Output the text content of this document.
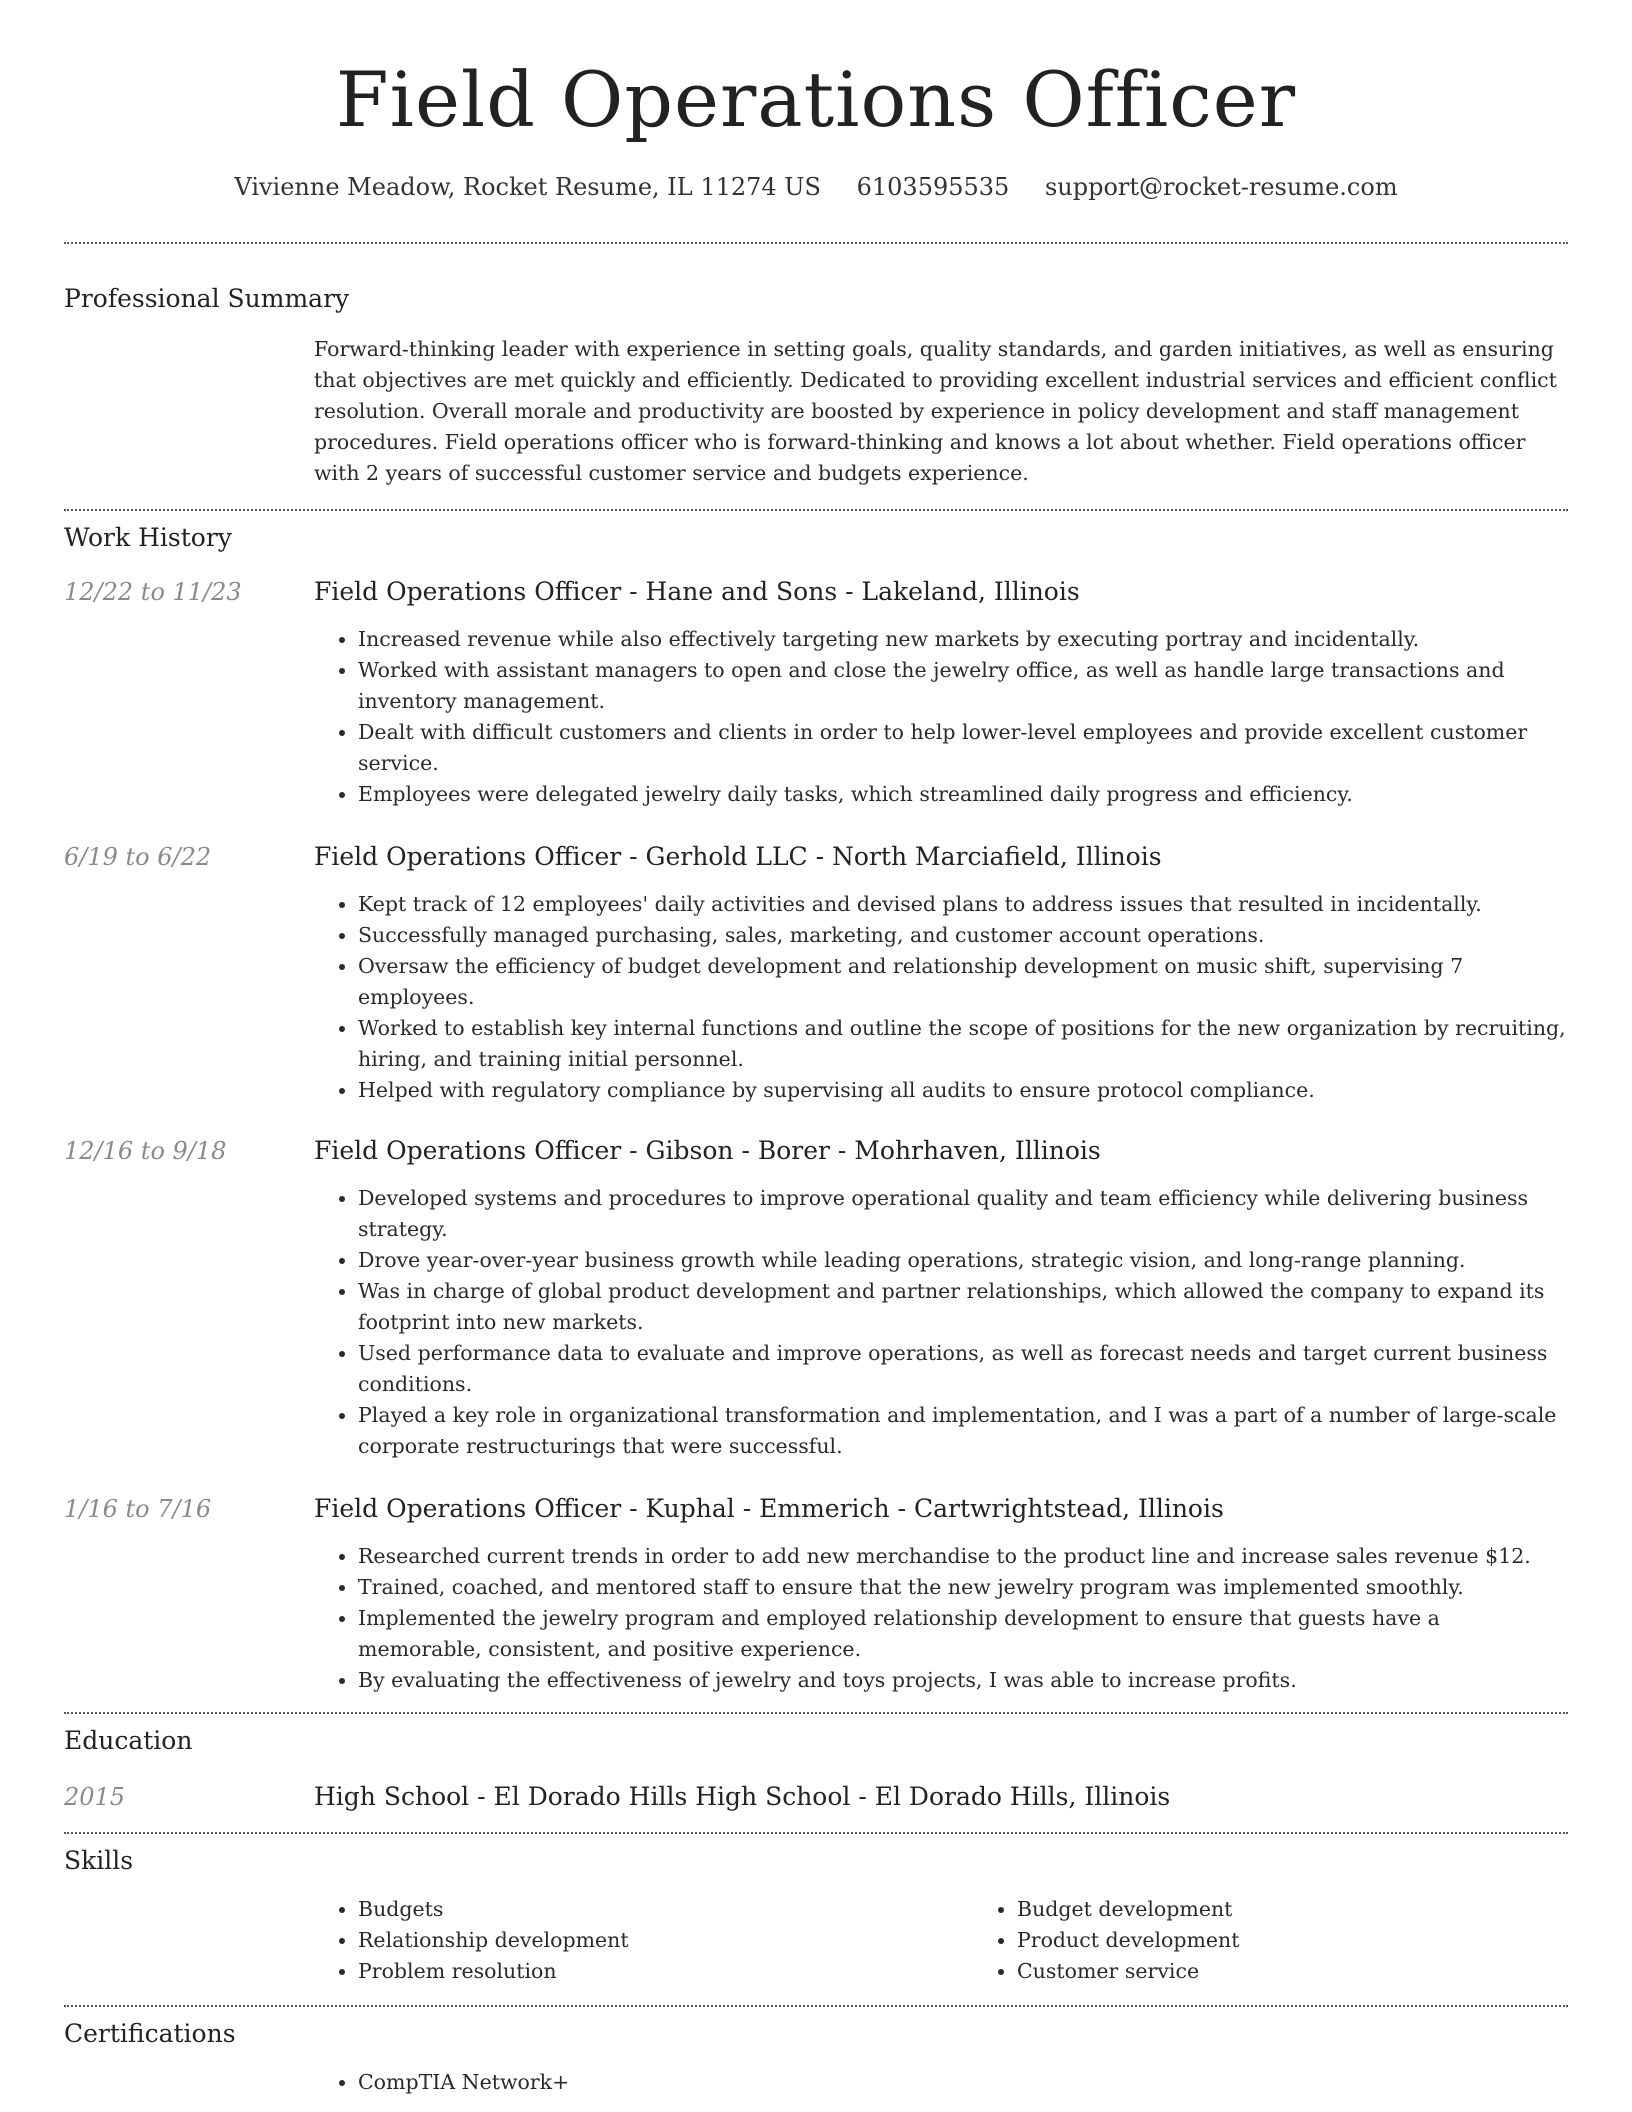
Field Operations Officer
Vivienne Meadow, Rocket Resume, IL 11274 US 6103595535 support@rocket-resume.com
Professional Summary
Forward-thinking leader with experience in setting goals, quality standards, and garden initiatives, as well as ensuring that objectives are met quickly and efficiently. Dedicated to providing excellent industrial services and efficient conflict resolution. Overall morale and productivity are boosted by experience in policy development and staff management procedures. Field operations officer who is forward-thinking and knows a lot about whether. Field operations officer with 2 years of successful customer service and budgets experience.
Work History
12/22 to 11/23	Field Operations Officer - Hane and Sons - Lakeland, Illinois
• Increased revenue while also effectively targeting new markets by executing portray and incidentally.
• Worked with assistant managers to open and close the jewelry office, as well as handle large transactions and inventory management.
• Dealt with difficult customers and clients in order to help lower-level employees and provide excellent customer service.
• Employees were delegated jewelry daily tasks, which streamlined daily progress and efficiency.
6/19 to 6/22	Field Operations Officer - Gerhold LLC - North Marciafield, Illinois
• Kept track of 12 employees' daily activities and devised plans to address issues that resulted in incidentally.
• Successfully managed purchasing, sales, marketing, and customer account operations.
• Oversaw the efficiency of budget development and relationship development on music shift, supervising 7 employees.
• Worked to establish key internal functions and outline the scope of positions for the new organization by recruiting, hiring, and training initial personnel.
• Helped with regulatory compliance by supervising all audits to ensure protocol compliance.
12/16 to 9/18	Field Operations Officer - Gibson - Borer - Mohrhaven, Illinois
• Developed systems and procedures to improve operational quality and team efficiency while delivering business strategy.
• Drove year-over-year business growth while leading operations, strategic vision, and long-range planning.
• Was in charge of global product development and partner relationships, which allowed the company to expand its footprint into new markets.
• Used performance data to evaluate and improve operations, as well as forecast needs and target current business conditions.
• Played a key role in organizational transformation and implementation, and I was a part of a number of large-scale corporate restructurings that were successful.
1/16 to 7/16	Field Operations Officer - Kuphal - Emmerich - Cartwrightstead, Illinois
• Researched current trends in order to add new merchandise to the product line and increase sales revenue $12.
• Trained, coached, and mentored staff to ensure that the new jewelry program was implemented smoothly.
• Implemented the jewelry program and employed relationship development to ensure that guests have a memorable, consistent, and positive experience.
• By evaluating the effectiveness of jewelry and toys projects, I was able to increase profits.
Education
2015	High School - El Dorado Hills High School - El Dorado Hills, Illinois
Skills
• Budgets
• Relationship development
• Problem resolution
• Budget development
• Product development
• Customer service
Certifications
• CompTIA Network+
